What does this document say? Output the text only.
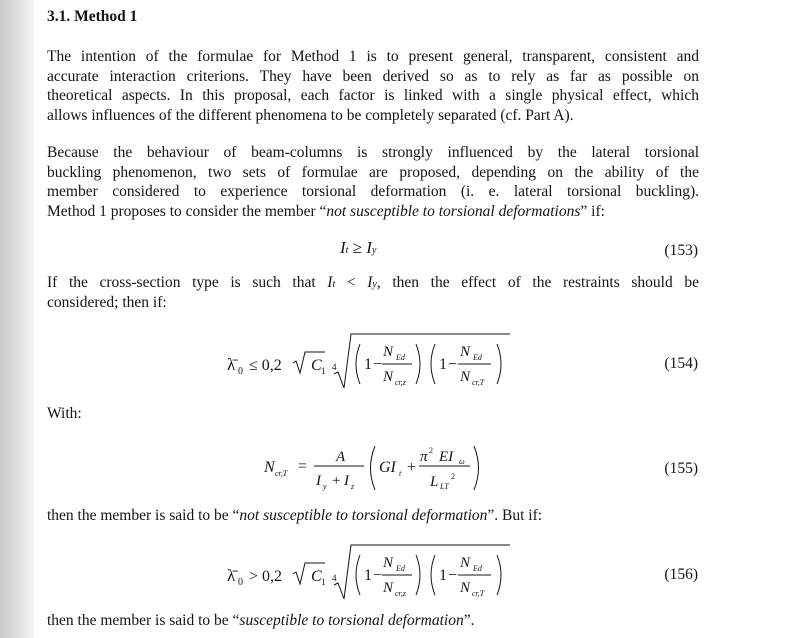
3.1. Method 1
The intention of the formulae for Method 1 is to present general, transparent, consistent and
accurate interaction criterions. They have been derived so as to rely as far as possible on
theoretical aspects. In this proposal, each factor is linked with a single physical effect, which
allows influences of the different phenomena to be completely separated (cf. Part A).
Because the behaviour of beam-columns is strongly influenced by the lateral torsional
buckling phenomenon, two sets of formulae are proposed, depending on the ability of the
member considered to experience torsional deformation (i. e. lateral torsional buckling).
Method 1 proposes to consider the member “not susceptible to torsional deformations” if:
It ≥ Iy	(153)
If the cross-section type is such that It < Iy, then the effect of the restraints should be
considered; then if:
λ̄ 0 ≤ 0,2 C 1 4 1 −
N Ed
N cr,z
1 −
N Ed
N cr,T
(154)
With:
N cr,T =
A
I y + I z
GI t +
π 2 EI ω
L LT
2	(155)
then the member is said to be “not susceptible to torsional deformation”. But if:
λ̄ 0 > 0,2 C 1 4 1 −
N Ed
N cr,z
1 −
N Ed
N cr,T
(156)
then the member is said to be “susceptible to torsional deformation”.
